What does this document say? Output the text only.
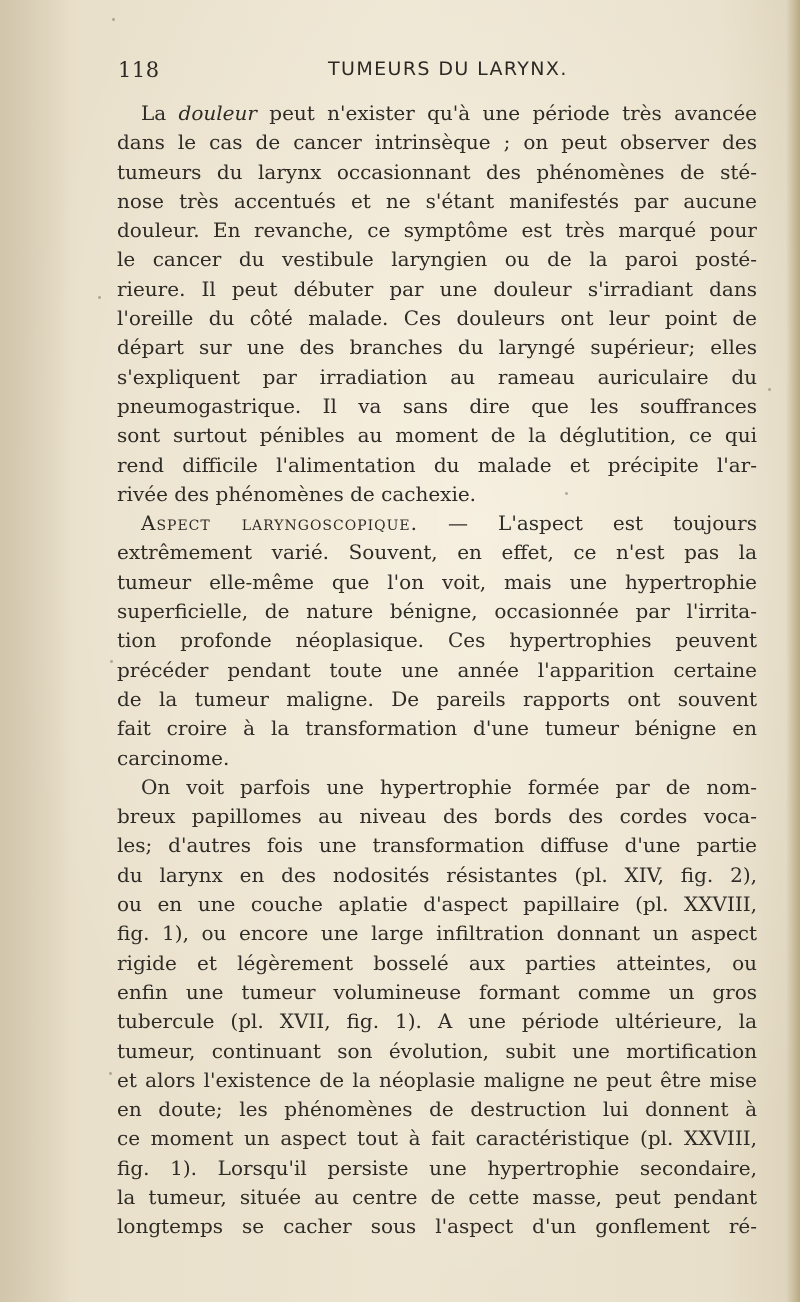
118	TUMEURS DU LARYNX.
La douleur peut n'exister qu'à une période très avancée
dans le cas de cancer intrinsèque ; on peut observer des
tumeurs du larynx occasionnant des phénomènes de sté-
nose très accentués et ne s'étant manifestés par aucune
douleur. En revanche, ce symptôme est très marqué pour
le cancer du vestibule laryngien ou de la paroi posté-
rieure. Il peut débuter par une douleur s'irradiant dans
l'oreille du côté malade. Ces douleurs ont leur point de
départ sur une des branches du laryngé supérieur; elles
s'expliquent par irradiation au rameau auriculaire du
pneumogastrique. Il va sans dire que les souffrances
sont surtout pénibles au moment de la déglutition, ce qui
rend difficile l'alimentation du malade et précipite l'ar-
rivée des phénomènes de cachexie.
Aspect laryngoscopique. — L'aspect est toujours
extrêmement varié. Souvent, en effet, ce n'est pas la
tumeur elle-même que l'on voit, mais une hypertrophie
superficielle, de nature bénigne, occasionnée par l'irrita-
tion profonde néoplasique. Ces hypertrophies peuvent
précéder pendant toute une année l'apparition certaine
de la tumeur maligne. De pareils rapports ont souvent
fait croire à la transformation d'une tumeur bénigne en
carcinome.
On voit parfois une hypertrophie formée par de nom-
breux papillomes au niveau des bords des cordes voca-
les; d'autres fois une transformation diffuse d'une partie
du larynx en des nodosités résistantes (pl. XIV, fig. 2),
ou en une couche aplatie d'aspect papillaire (pl. XXVIII,
fig. 1), ou encore une large infiltration donnant un aspect
rigide et légèrement bosselé aux parties atteintes, ou
enfin une tumeur volumineuse formant comme un gros
tubercule (pl. XVII, fig. 1). A une période ultérieure, la
tumeur, continuant son évolution, subit une mortification
et alors l'existence de la néoplasie maligne ne peut être mise
en doute; les phénomènes de destruction lui donnent à
ce moment un aspect tout à fait caractéristique (pl. XXVIII,
fig. 1). Lorsqu'il persiste une hypertrophie secondaire,
la tumeur, située au centre de cette masse, peut pendant
longtemps se cacher sous l'aspect d'un gonflement ré-
